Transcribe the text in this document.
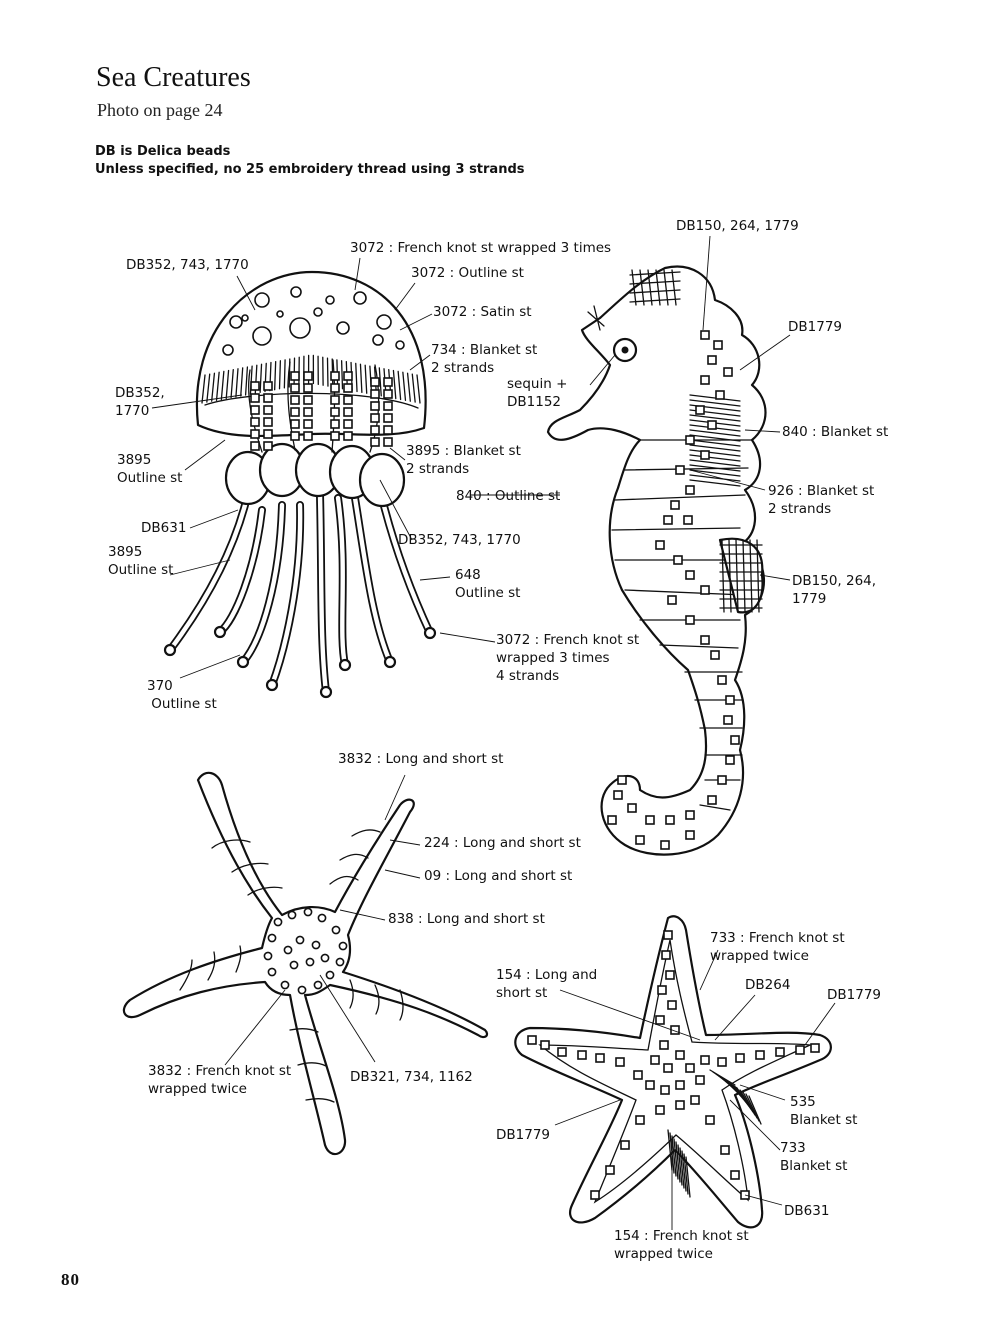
Sea Creatures
Photo on page 24
DB is Delica beads
Unless specified, no 25 embroidery thread using 3 strands
3072 : French knot st wrapped 3 times
DB352, 743, 1770	3072 : Outline st
3072 : Satin st
734 : Blanket st
2 strands
DB352,
1770
3895
Outline st
3895 : Blanket st
2 strands
840 : Outline st
DB631
3895
Outline st
DB352, 743, 1770
648
Outline st
3072 : French knot st
wrapped 3 times
4 strands
370
Outline st
DB150, 264, 1779
DB1779
sequin +
DB1152
840 : Blanket st
926 : Blanket st
2 strands
DB150, 264,
1779
3832 : Long and short st
224 : Long and short st
09 : Long and short st
838 : Long and short st
3832 : French knot st
wrapped twice
DB321, 734, 1162
733 : French knot st
wrapped twice
154 : Long and
short st	DB264
DB1779
535
Blanket st
DB1779
733
Blanket st
DB631
154 : French knot st
wrapped twice
80
